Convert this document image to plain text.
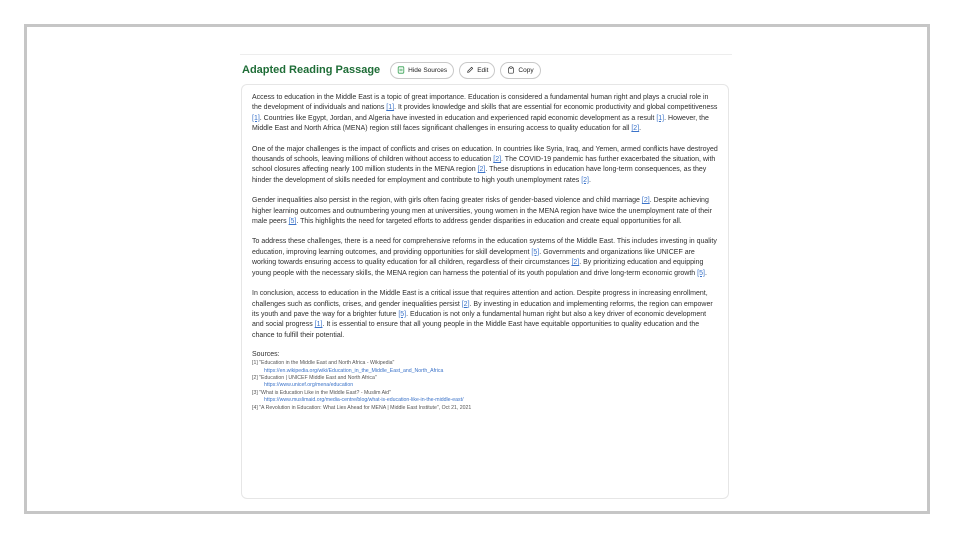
Adapted Reading Passage	Hide Sources	Edit	Copy

Access to education in the Middle East is a topic of great importance. Education is considered a fundamental human right and plays a crucial role in the development of individuals and nations [1]. It provides knowledge and skills that are essential for economic productivity and global competitiveness [1]. Countries like Egypt, Jordan, and Algeria have invested in education and experienced rapid economic development as a result [1]. However, the Middle East and North Africa (MENA) region still faces significant challenges in ensuring access to quality education for all [2].

One of the major challenges is the impact of conflicts and crises on education. In countries like Syria, Iraq, and Yemen, armed conflicts have destroyed thousands of schools, leaving millions of children without access to education [2]. The COVID-19 pandemic has further exacerbated the situation, with school closures affecting nearly 100 million students in the MENA region [2]. These disruptions in education have long-term consequences, as they hinder the development of skills needed for employment and contribute to high youth unemployment rates [2].

Gender inequalities also persist in the region, with girls often facing greater risks of gender-based violence and child marriage [2]. Despite achieving higher learning outcomes and outnumbering young men at universities, young women in the MENA region have twice the unemployment rate of their male peers [5]. This highlights the need for targeted efforts to address gender disparities in education and create equal opportunities for all.

To address these challenges, there is a need for comprehensive reforms in the education systems of the Middle East. This includes investing in quality education, improving learning outcomes, and providing opportunities for skill development [5]. Governments and organizations like UNICEF are working towards ensuring access to quality education for all children, regardless of their circumstances [2]. By prioritizing education and equipping young people with the necessary skills, the MENA region can harness the potential of its youth population and drive long-term economic growth [5].

In conclusion, access to education in the Middle East is a critical issue that requires attention and action. Despite progress in increasing enrollment, challenges such as conflicts, crises, and gender inequalities persist [2]. By investing in education and implementing reforms, the region can empower its youth and pave the way for a brighter future [5]. Education is not only a fundamental human right but also a key driver of economic development and social progress [1]. It is essential to ensure that all young people in the Middle East have equitable opportunities to quality education and the chance to fulfill their potential.

Sources:
[1] "Education in the Middle East and North Africa - Wikipedia"
https://en.wikipedia.org/wiki/Education_in_the_Middle_East_and_North_Africa
[2] "Education | UNICEF Middle East and North Africa"
https://www.unicef.org/mena/education
[3] "What is Education Like in the Middle East? - Muslim Aid"
https://www.muslimaid.org/media-centre/blog/what-is-education-like-in-the-middle-east/
[4] "A Revolution in Education: What Lies Ahead for MENA | Middle East Institute", Oct 21, 2021
